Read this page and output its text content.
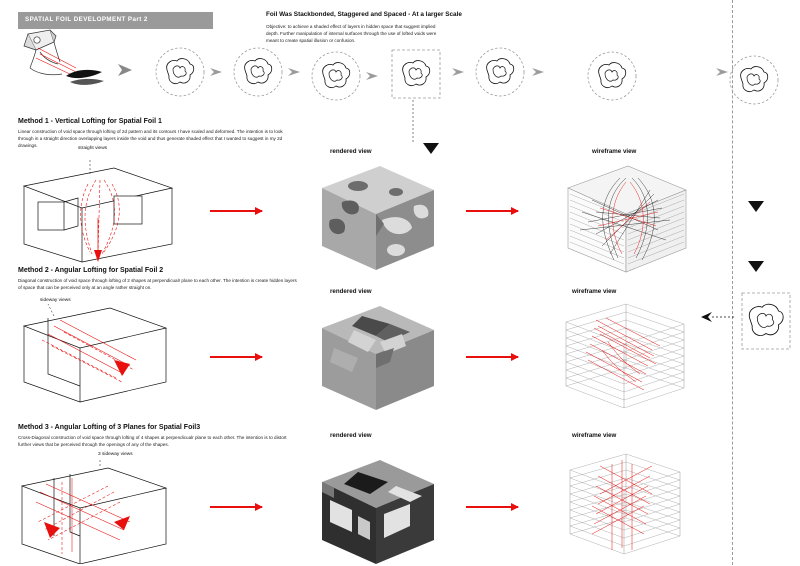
SPATIAL FOIL DEVELOPMENT Part 2
Foil Was Stackbonded, Staggered and Spaced - At a larger Scale
Objective: to achieve a shaded effect of layers in hidden space that suggest implied depth. Further manipulation of internal surfaces through the use of lofted voids were meant to create spatial illusion or confusion.
Method 1 - Vertical Lofting for Spatial Foil 1
Linear construction of void space through lofting of 2d pattern and its contours I have scaled and deformed. The intention is to look through in a straight direction overlapping layers inside the void and thus generate shaded effect that I wanted to suggest in my 2d drawings.
straight views	rendered view	wireframe view
Method 2 - Angular Lofting for Spatial Foil 2
Diagonal construction of void space through lofting of 2 shapes at perpendicualr plane to each other. The intention is create hidden layers of space that can be perceived only at an angle rather straight on.
sideway views
rendered view	wireframe view
Method 3 - Angular Lofting of 3 Planes for Spatial Foil3
Cross-Diagonal construction of void space through lofting of 4 shapes at perpendicualr plane to each other. The intention is to distort further views that be perceived through the openings of any of the shapes.
3 sideway views
rendered view	wireframe view
